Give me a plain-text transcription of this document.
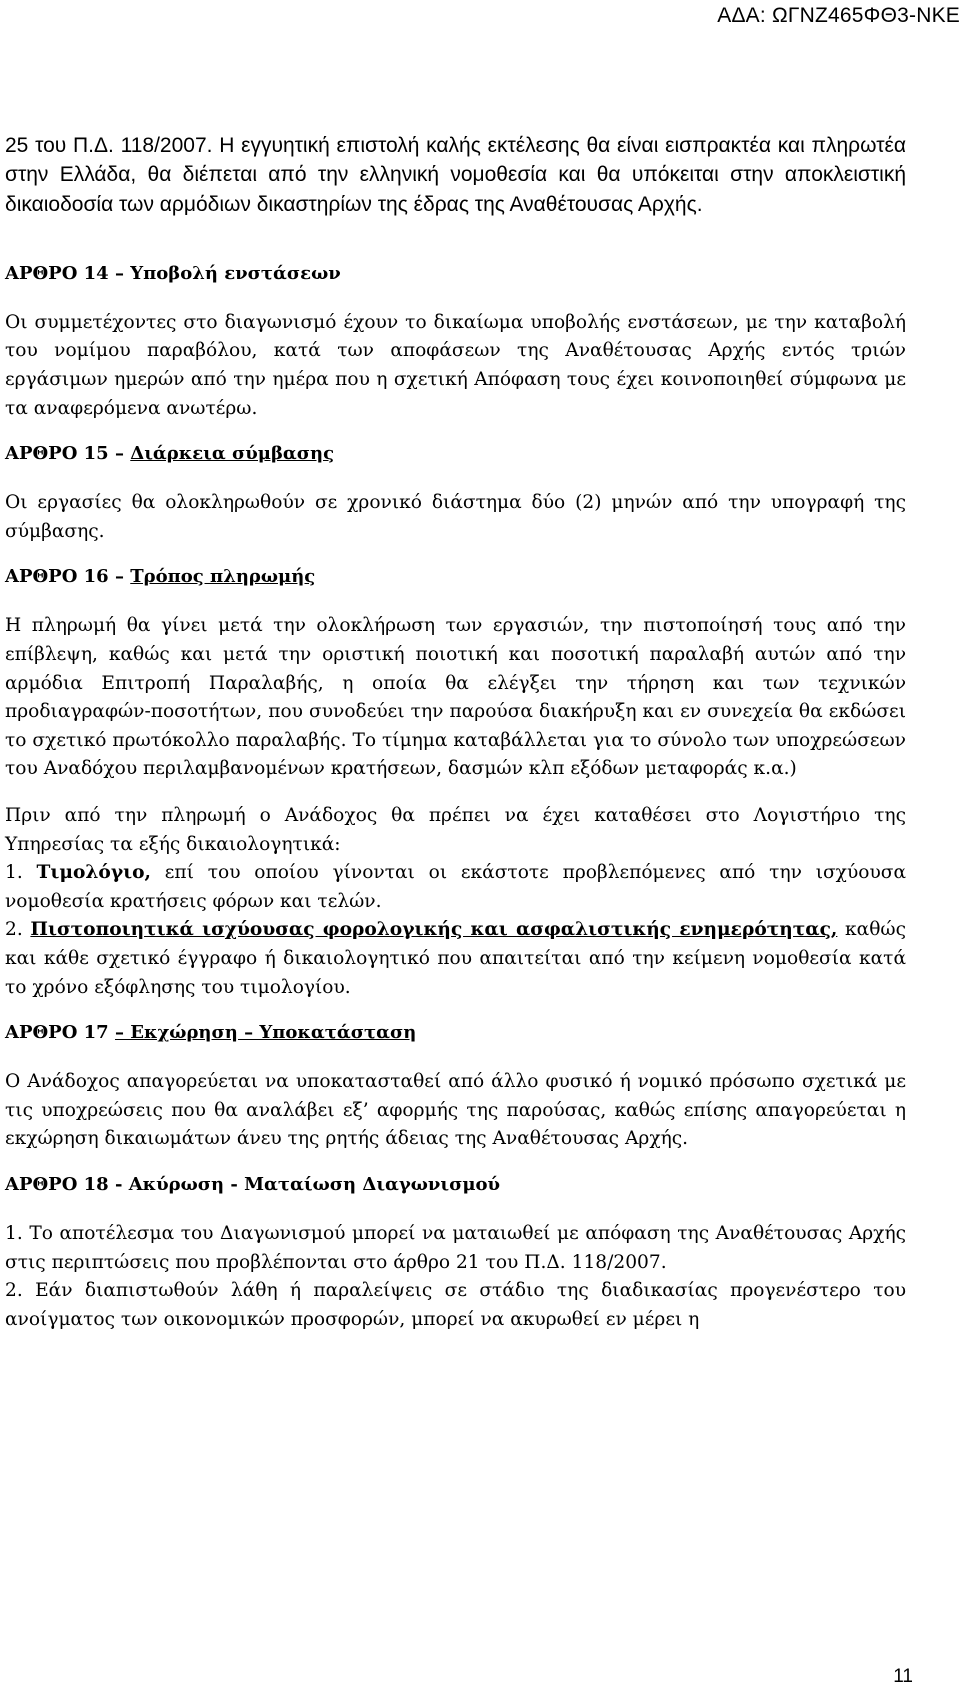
ΑΔΑ: ΩΓΝΖ465ΦΘ3-ΝΚΕ

25 του Π.Δ. 118/2007. Η εγγυητική επιστολή καλής εκτέλεσης θα είναι εισπρακτέα και πληρωτέα στην Ελλάδα, θα διέπεται από την ελληνική νομοθεσία και θα υπόκειται στην αποκλειστική δικαιοδοσία των αρμόδιων δικαστηρίων της έδρας της Αναθέτουσας Αρχής.

ΑΡΘΡΟ 14 – Υποβολή ενστάσεων

Οι συμμετέχοντες στο διαγωνισμό έχουν το δικαίωμα υποβολής ενστάσεων, με την καταβολή του νομίμου παραβόλου, κατά των αποφάσεων της Αναθέτουσας Αρχής εντός τριών εργάσιμων ημερών από την ημέρα που η σχετική Απόφαση τους έχει κοινοποιηθεί σύμφωνα με τα αναφερόμενα ανωτέρω.

ΑΡΘΡΟ 15 – Διάρκεια σύμβασης

Οι εργασίες θα ολοκληρωθούν σε χρονικό διάστημα δύο (2) μηνών από την υπογραφή της σύμβασης.

ΑΡΘΡΟ 16 – Τρόπος πληρωμής

Η πληρωμή θα γίνει μετά την ολοκλήρωση των εργασιών, την πιστοποίησή τους από την επίβλεψη, καθώς και μετά την οριστική ποιοτική και ποσοτική παραλαβή αυτών από την αρμόδια Επιτροπή Παραλαβής, η οποία θα ελέγξει την τήρηση και των τεχνικών προδιαγραφών-ποσοτήτων, που συνοδεύει την παρούσα διακήρυξη και εν συνεχεία θα εκδώσει το σχετικό πρωτόκολλο παραλαβής. Το τίμημα καταβάλλεται για το σύνολο των υποχρεώσεων του Αναδόχου περιλαμβανομένων κρατήσεων, δασμών κλπ εξόδων μεταφοράς κ.α.)

Πριν από την πληρωμή ο Ανάδοχος θα πρέπει να έχει καταθέσει στο Λογιστήριο της Υπηρεσίας τα εξής δικαιολογητικά:

1. Τιμολόγιο, επί του οποίου γίνονται οι εκάστοτε προβλεπόμενες από την ισχύουσα νομοθεσία κρατήσεις φόρων και τελών.

2. Πιστοποιητικά ισχύουσας φορολογικής και ασφαλιστικής ενημερότητας, καθώς και κάθε σχετικό έγγραφο ή δικαιολογητικό που απαιτείται από την κείμενη νομοθεσία κατά το χρόνο εξόφλησης του τιμολογίου.

ΑΡΘΡΟ 17 – Εκχώρηση – Υποκατάσταση

Ο Ανάδοχος απαγορεύεται να υποκατασταθεί από άλλο φυσικό ή νομικό πρόσωπο σχετικά με τις υποχρεώσεις που θα αναλάβει εξ’ αφορμής της παρούσας, καθώς επίσης απαγορεύεται η εκχώρηση δικαιωμάτων άνευ της ρητής άδειας της Αναθέτουσας Αρχής.

ΑΡΘΡΟ 18 - Ακύρωση - Ματαίωση Διαγωνισμού

1. Το αποτέλεσμα του Διαγωνισμού μπορεί να ματαιωθεί με απόφαση της Αναθέτουσας Αρχής στις περιπτώσεις που προβλέπονται στο άρθρο 21 του Π.Δ. 118/2007.

2. Εάν διαπιστωθούν λάθη ή παραλείψεις σε στάδιο της διαδικασίας προγενέστερο του ανοίγματος των οικονομικών προσφορών, μπορεί να ακυρωθεί εν μέρει η

11
